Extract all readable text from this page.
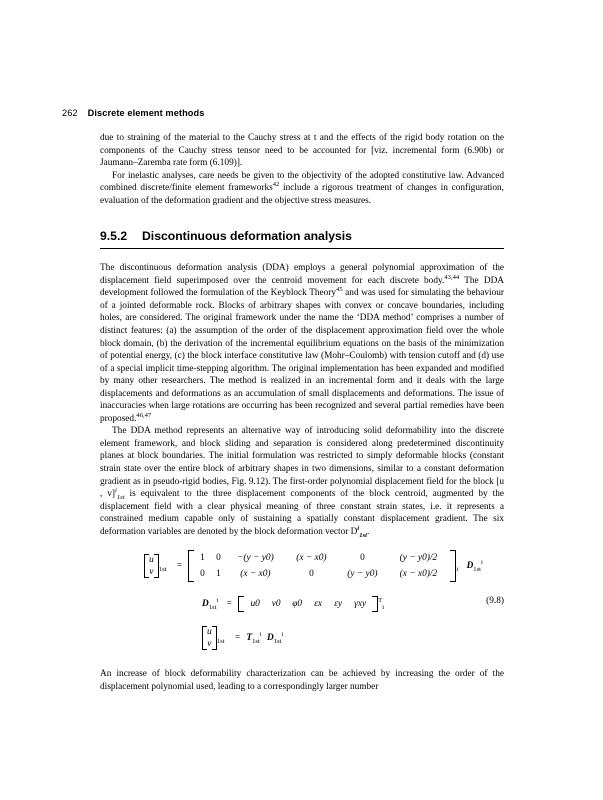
262 Discrete element methods

due to straining of the material to the Cauchy stress at t and the effects of the rigid body rotation on the components of the Cauchy stress tensor need to be accounted for [viz. incremental form (6.90b) or Jaumann–Zaremba rate form (6.109)].

For inelastic analyses, care needs be given to the objectivity of the adopted constitutive law. Advanced combined discrete/finite element frameworks$^{42}$ include a rigorous treatment of changes in configuration, evaluation of the deformation gradient and the objective stress measures.

9.5.2 Discontinuous deformation analysis

The discontinuous deformation analysis (DDA) employs a general polynomial approximation of the displacement field superimposed over the centroid movement for each discrete body.$^{43,44}$ The DDA development followed the formulation of the Keyblock Theory$^{45}$ and was used for simulating the behaviour of a jointed deformable rock. Blocks of arbitrary shapes with convex or concave boundaries, including holes, are considered. The original framework under the name the ‘DDA method’ comprises a number of distinct features: (a) the assumption of the order of the displacement approximation field over the whole block domain, (b) the derivation of the incremental equilibrium equations on the basis of the minimization of potential energy, (c) the block interface constitutive law (Mohr–Coulomb) with tension cutoff and (d) use of a special implicit time-stepping algorithm. The original implementation has been expanded and modified by many other researchers. The method is realized in an incremental form and it deals with the large displacements and deformations as an accumulation of small displacements and deformations. The issue of inaccuracies when large rotations are occurring has been recognized and several partial remedies have been proposed.$^{46,47}$

The DDA method represents an alternative way of introducing solid deformability into the discrete element framework, and block sliding and separation is considered along predetermined discontinuity planes at block boundaries. The initial formulation was restricted to simply deformable blocks (constant strain state over the entire block of arbitrary shapes in two dimensions, similar to a constant deformation gradient as in pseudo-rigid bodies, Fig. 9.12). The first-order polynomial displacement field for the block [u , v]$^i_{1st}$ is equivalent to the three displacement components of the block centroid, augmented by the displacement field with a clear physical meaning of three constant strain states, i.e. it represents a constrained medium capable only of sustaining a spatially constant displacement gradient. The six deformation variables are denoted by the block deformation vector $D^i_{1st}$.

u
v $_{1st}$ =
1 0 −(y − y0) (x − x0)	0	(y − y0)/2
0 1 (x − x0)	0	(y − y0) (x − x0)/2	$_i$ $D_{1st}^i$
$D_{1st}^i$ =	u0 v0 φ0 εx εy γxy	$^T_i$
u
v $_{1st} = T_{1st}^i$ $D_{1st}^i$
(9.8)

An increase of block deformability characterization can be achieved by increasing the order of the displacement polynomial used, leading to a correspondingly larger number
